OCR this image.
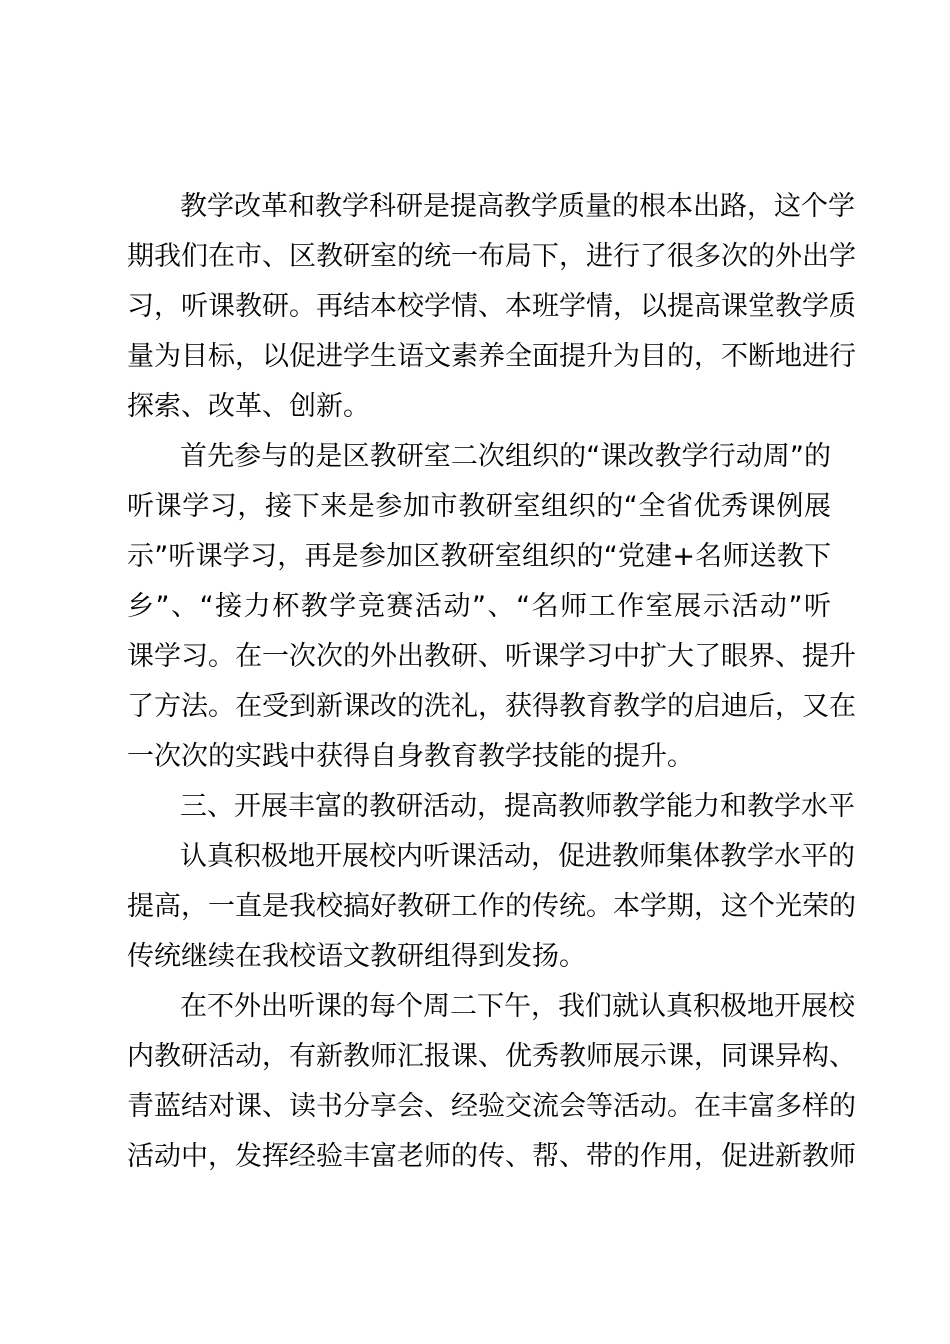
教学改革和教学科研是提高教学质量的根本出路，这个学
期我们在市、区教研室的统一布局下，进行了很多次的外出学
习，听课教研。再结本校学情、本班学情，以提高课堂教学质
量为目标，以促进学生语文素养全面提升为目的，不断地进行
探索、改革、创新。
首先参与的是区教研室二次组织的“课改教学行动周”的
听课学习，接下来是参加市教研室组织的“全省优秀课例展
示”听课学习，再是参加区教研室组织的“党建+名师送教下
乡”、“接力杯教学竞赛活动”、“名师工作室展示活动”听
课学习。在一次次的外出教研、听课学习中扩大了眼界、提升
了方法。在受到新课改的洗礼，获得教育教学的启迪后，又在
一次次的实践中获得自身教育教学技能的提升。
三、开展丰富的教研活动，提高教师教学能力和教学水平
认真积极地开展校内听课活动，促进教师集体教学水平的
提高，一直是我校搞好教研工作的传统。本学期，这个光荣的
传统继续在我校语文教研组得到发扬。
在不外出听课的每个周二下午，我们就认真积极地开展校
内教研活动，有新教师汇报课、优秀教师展示课，同课异构、
青蓝结对课、读书分享会、经验交流会等活动。在丰富多样的
活动中，发挥经验丰富老师的传、帮、带的作用，促进新教师
